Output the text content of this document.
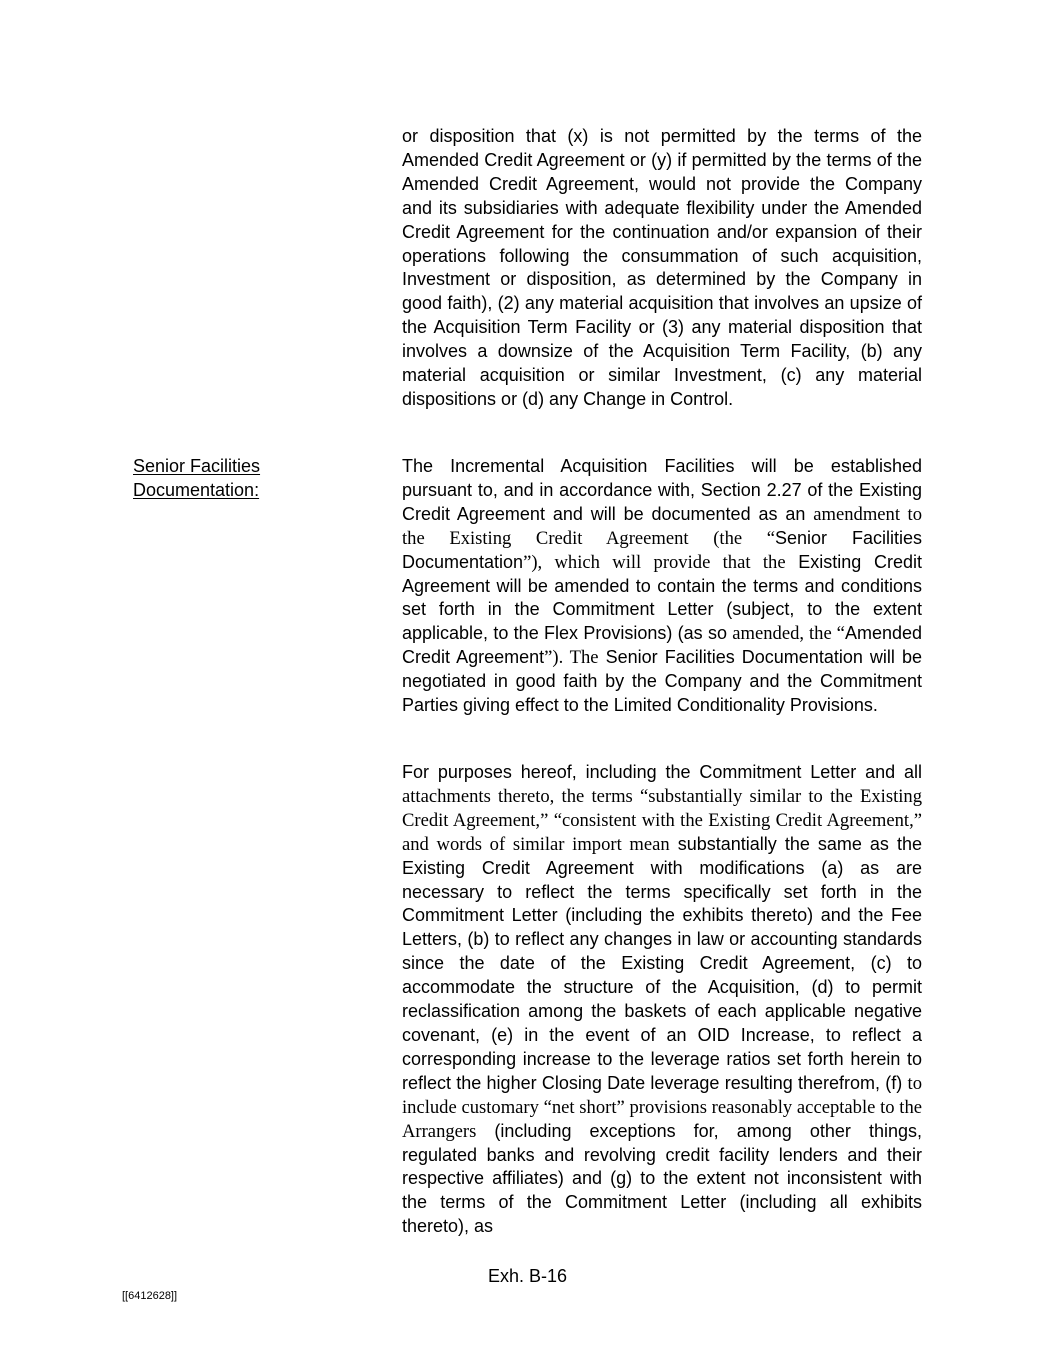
or disposition that (x) is not permitted by the terms of the Amended Credit Agreement or (y) if permitted by the terms of the Amended Credit Agreement, would not provide the Company and its subsidiaries with adequate flexibility under the Amended Credit Agreement for the continuation and/or expansion of their operations following the consummation of such acquisition, Investment or disposition, as determined by the Company in good faith), (2) any material acquisition that involves an upsize of the Acquisition Term Facility or (3) any material disposition that involves a downsize of the Acquisition Term Facility, (b) any material acquisition or similar Investment, (c) any material dispositions or (d) any Change in Control.

Senior Facilities Documentation:

The Incremental Acquisition Facilities will be established pursuant to, and in accordance with, Section 2.27 of the Existing Credit Agreement and will be documented as an amendment to the Existing Credit Agreement (the “Senior Facilities Documentation”), which will provide that the Existing Credit Agreement will be amended to contain the terms and conditions set forth in the Commitment Letter (subject, to the extent applicable, to the Flex Provisions) (as so amended, the “Amended Credit Agreement”). The Senior Facilities Documentation will be negotiated in good faith by the Company and the Commitment Parties giving effect to the Limited Conditionality Provisions.

For purposes hereof, including the Commitment Letter and all attachments thereto, the terms “substantially similar to the Existing Credit Agreement,” “consistent with the Existing Credit Agreement,” and words of similar import mean substantially the same as the Existing Credit Agreement with modifications (a) as are necessary to reflect the terms specifically set forth in the Commitment Letter (including the exhibits thereto) and the Fee Letters, (b) to reflect any changes in law or accounting standards since the date of the Existing Credit Agreement, (c) to accommodate the structure of the Acquisition, (d) to permit reclassification among the baskets of each applicable negative covenant, (e) in the event of an OID Increase, to reflect a corresponding increase to the leverage ratios set forth herein to reflect the higher Closing Date leverage resulting therefrom, (f) to include customary “net short” provisions reasonably acceptable to the Arrangers (including exceptions for, among other things, regulated banks and revolving credit facility lenders and their respective affiliates) and (g) to the extent not inconsistent with the terms of the Commitment Letter (including all exhibits thereto), as

Exh. B-16
[[6412628]]
